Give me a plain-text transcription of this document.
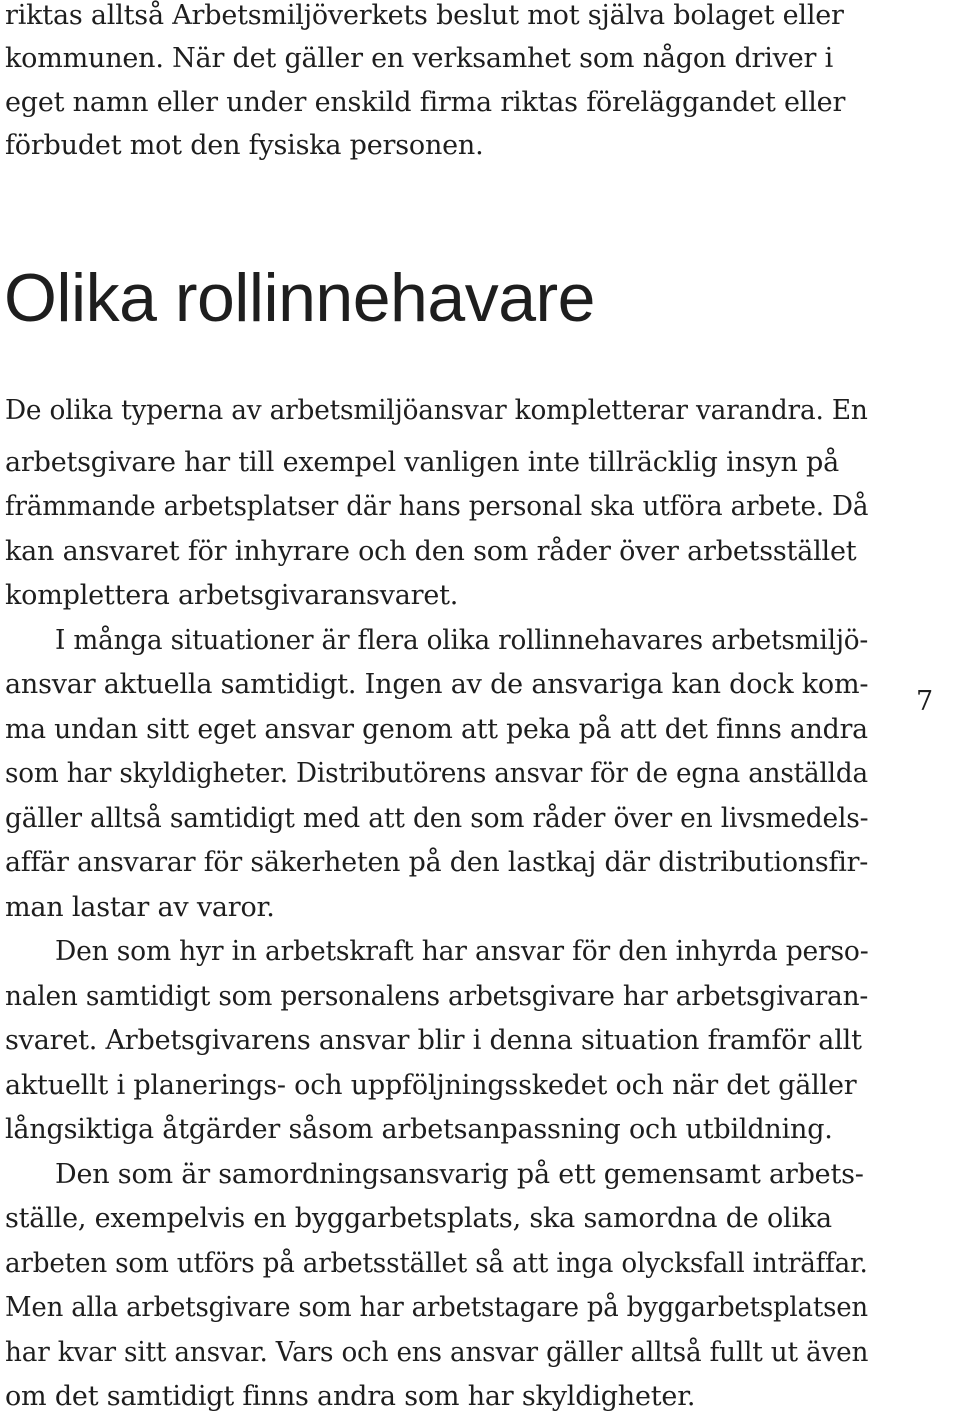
riktas alltså Arbetsmiljöverkets beslut mot själva bolaget eller

kommunen. När det gäller en verksamhet som någon driver i

eget namn eller under enskild firma riktas föreläggandet eller

förbudet mot den fysiska personen.

Olika rollinnehavare

De olika typerna av arbetsmiljöansvar kompletterar varandra. En

arbetsgivare har till exempel vanligen inte tillräcklig insyn på

främmande arbetsplatser där hans personal ska utföra arbete. Då

kan ansvaret för inhyrare och den som råder över arbetsstället

komplettera arbetsgivaransvaret.

I många situationer är flera olika rollinnehavares arbetsmiljö-

ansvar aktuella samtidigt. Ingen av de ansvariga kan dock kom-

ma undan sitt eget ansvar genom att peka på att det finns andra

som har skyldigheter. Distributörens ansvar för de egna anställda

gäller alltså samtidigt med att den som råder över en livsmedels-

affär ansvarar för säkerheten på den lastkaj där distributionsfir-

man lastar av varor.

Den som hyr in arbetskraft har ansvar för den inhyrda perso-

nalen samtidigt som personalens arbetsgivare har arbetsgivaran-

svaret. Arbetsgivarens ansvar blir i denna situation framför allt

aktuellt i planerings- och uppföljningsskedet och när det gäller

långsiktiga åtgärder såsom arbetsanpassning och utbildning.

Den som är samordningsansvarig på ett gemensamt arbets-

ställe, exempelvis en byggarbetsplats, ska samordna de olika

arbeten som utförs på arbetsstället så att inga olycksfall inträffar.

Men alla arbetsgivare som har arbetstagare på byggarbetsplatsen

har kvar sitt ansvar. Vars och ens ansvar gäller alltså fullt ut även

om det samtidigt finns andra som har skyldigheter.

7
